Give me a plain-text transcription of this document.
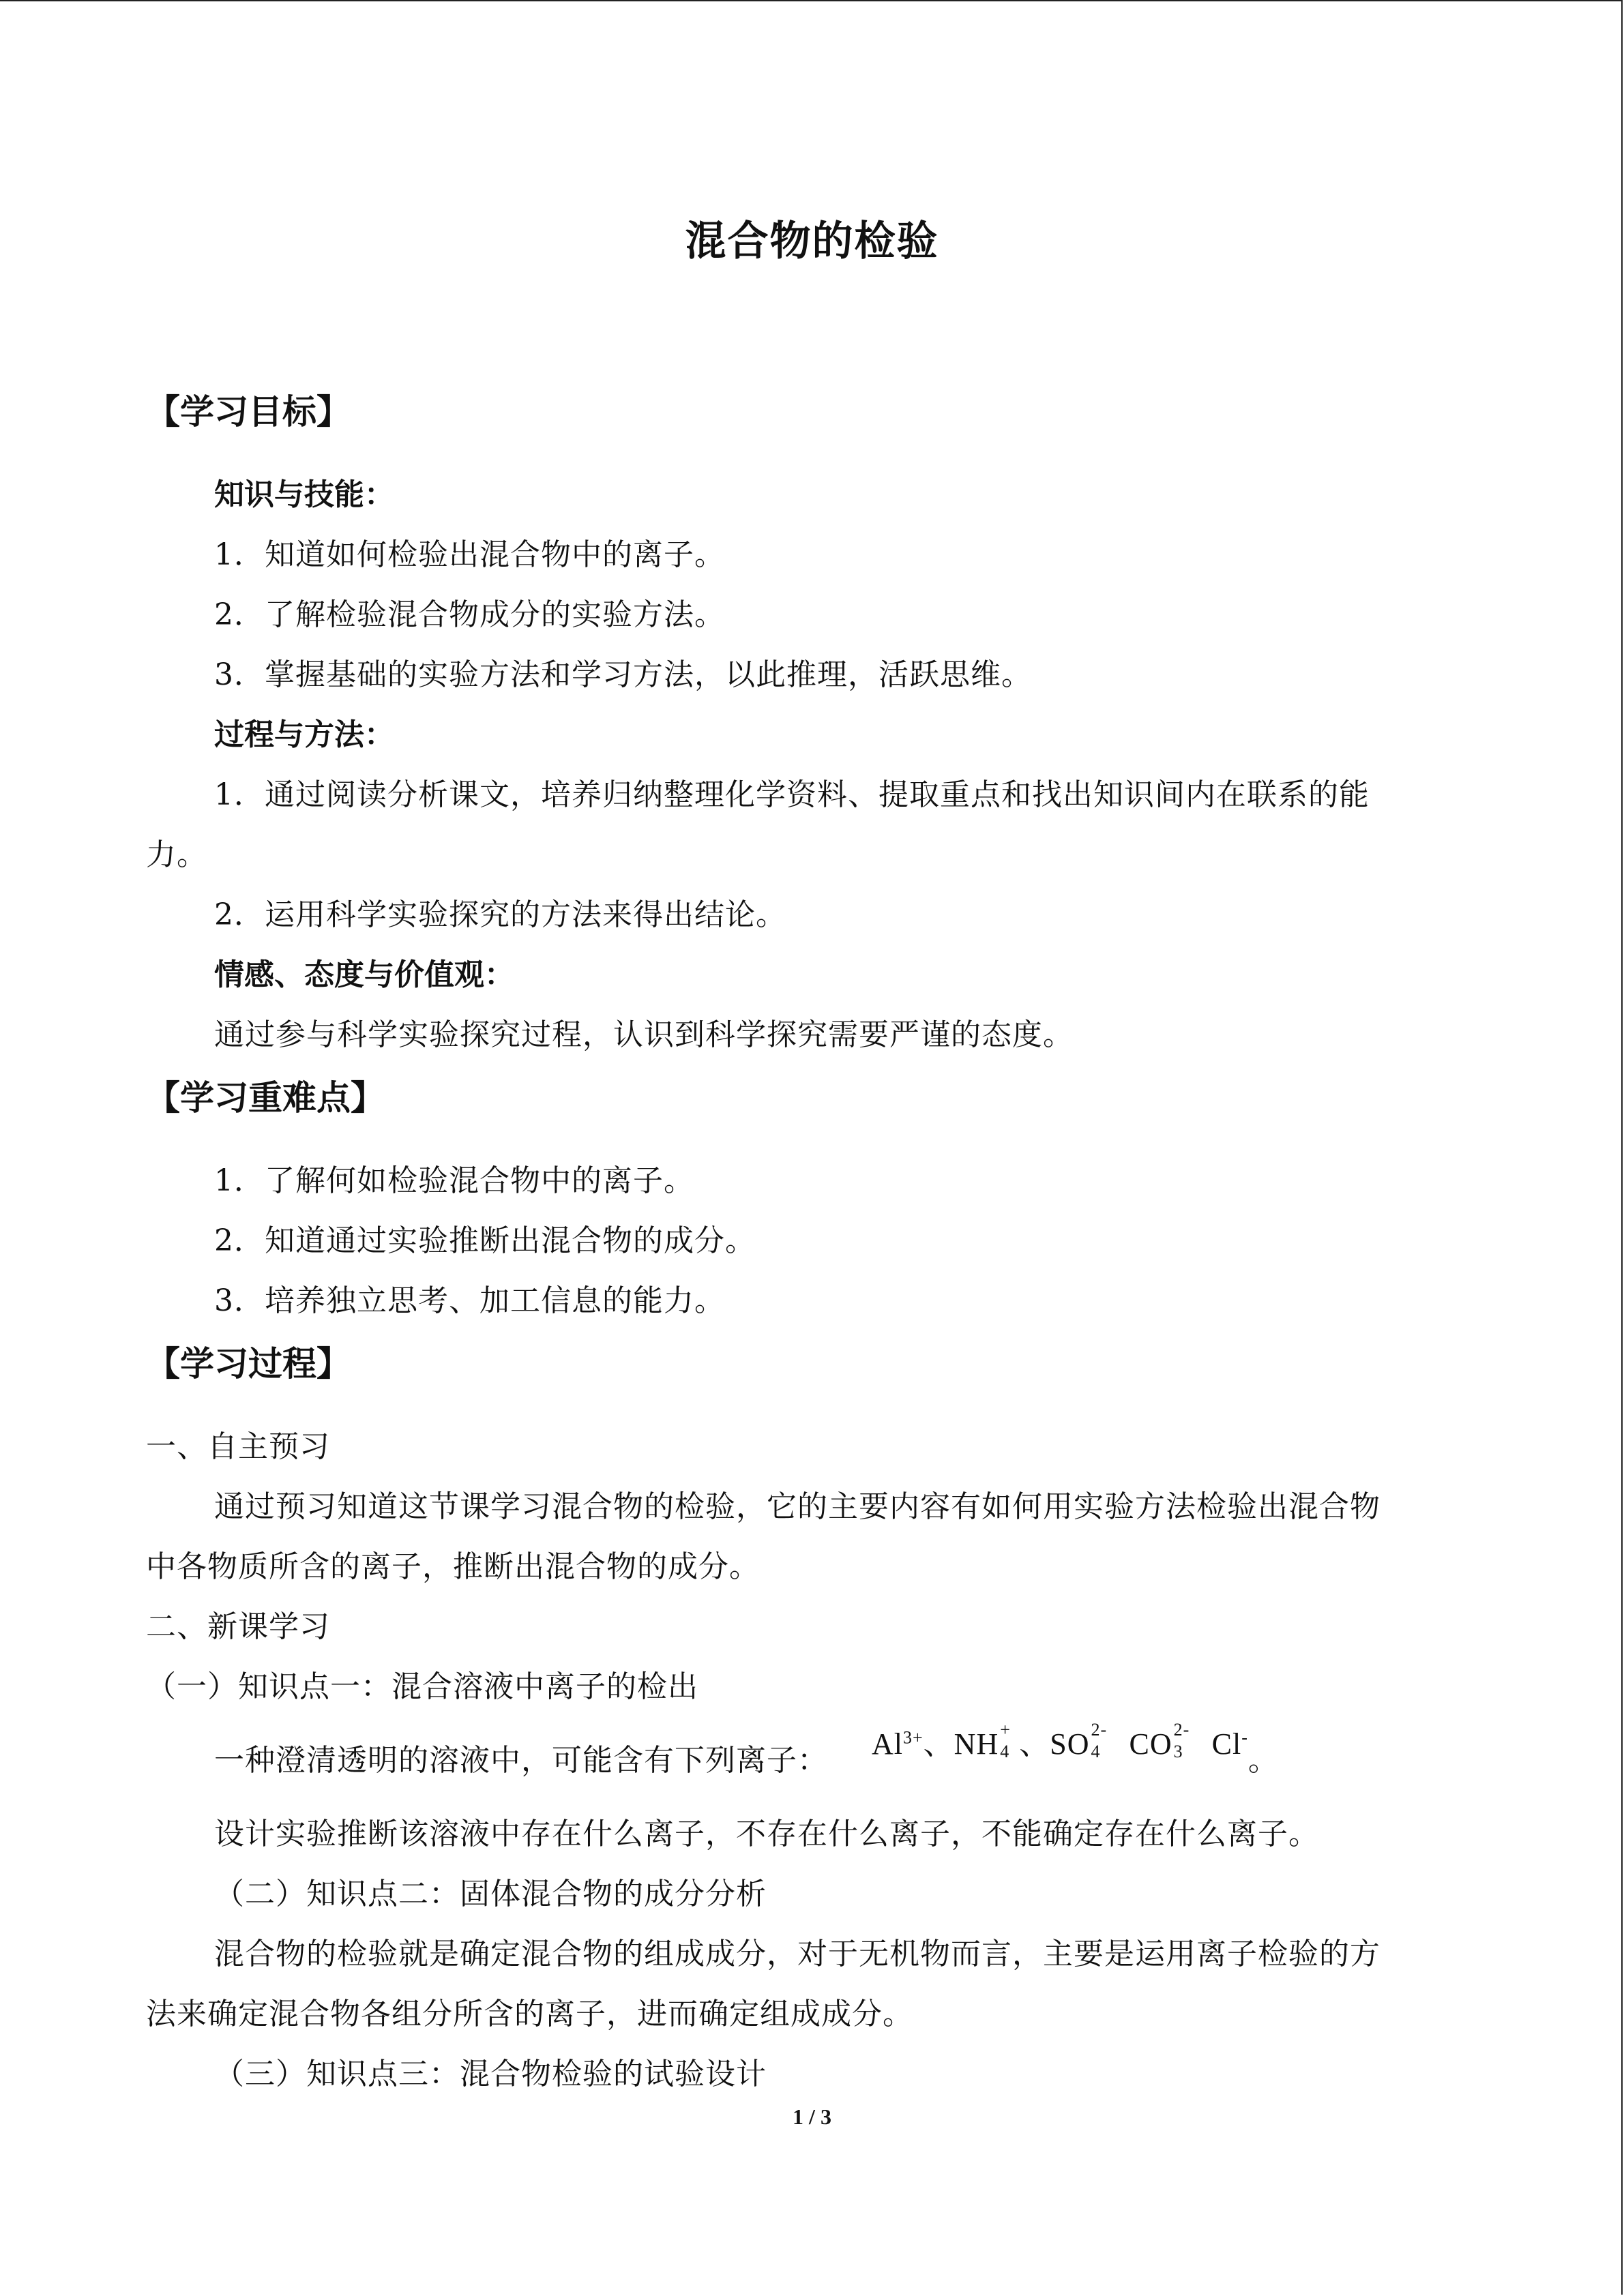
混合物的检验
【学习目标】
知识与技能：
1．知道如何检验出混合物中的离子。
2．了解检验混合物成分的实验方法。
3．掌握基础的实验方法和学习方法，以此推理，活跃思维。
过程与方法：
1．通过阅读分析课文，培养归纳整理化学资料、提取重点和找出知识间内在联系的能
力。
2．运用科学实验探究的方法来得出结论。
情感、态度与价值观：
通过参与科学实验探究过程，认识到科学探究需要严谨的态度。
【学习重难点】
1．了解何如检验混合物中的离子。
2．知道通过实验推断出混合物的成分。
3．培养独立思考、加工信息的能力。
【学习过程】
一、自主预习
通过预习知道这节课学习混合物的检验，它的主要内容有如何用实验方法检验出混合物
中各物质所含的离子，推断出混合物的成分。
二、新课学习
（一）知识点一：混合溶液中离子的检出
一种澄清透明的溶液中，可能含有下列离子： $Al^{3+}$、NH +
4 、SO 2-
4 CO 2-
3 Cl-。
设计实验推断该溶液中存在什么离子，不存在什么离子，不能确定存在什么离子。
（二）知识点二：固体混合物的成分分析
混合物的检验就是确定混合物的组成成分，对于无机物而言，主要是运用离子检验的方
法来确定混合物各组分所含的离子，进而确定组成成分。
（三）知识点三：混合物检验的试验设计
1 / 3
